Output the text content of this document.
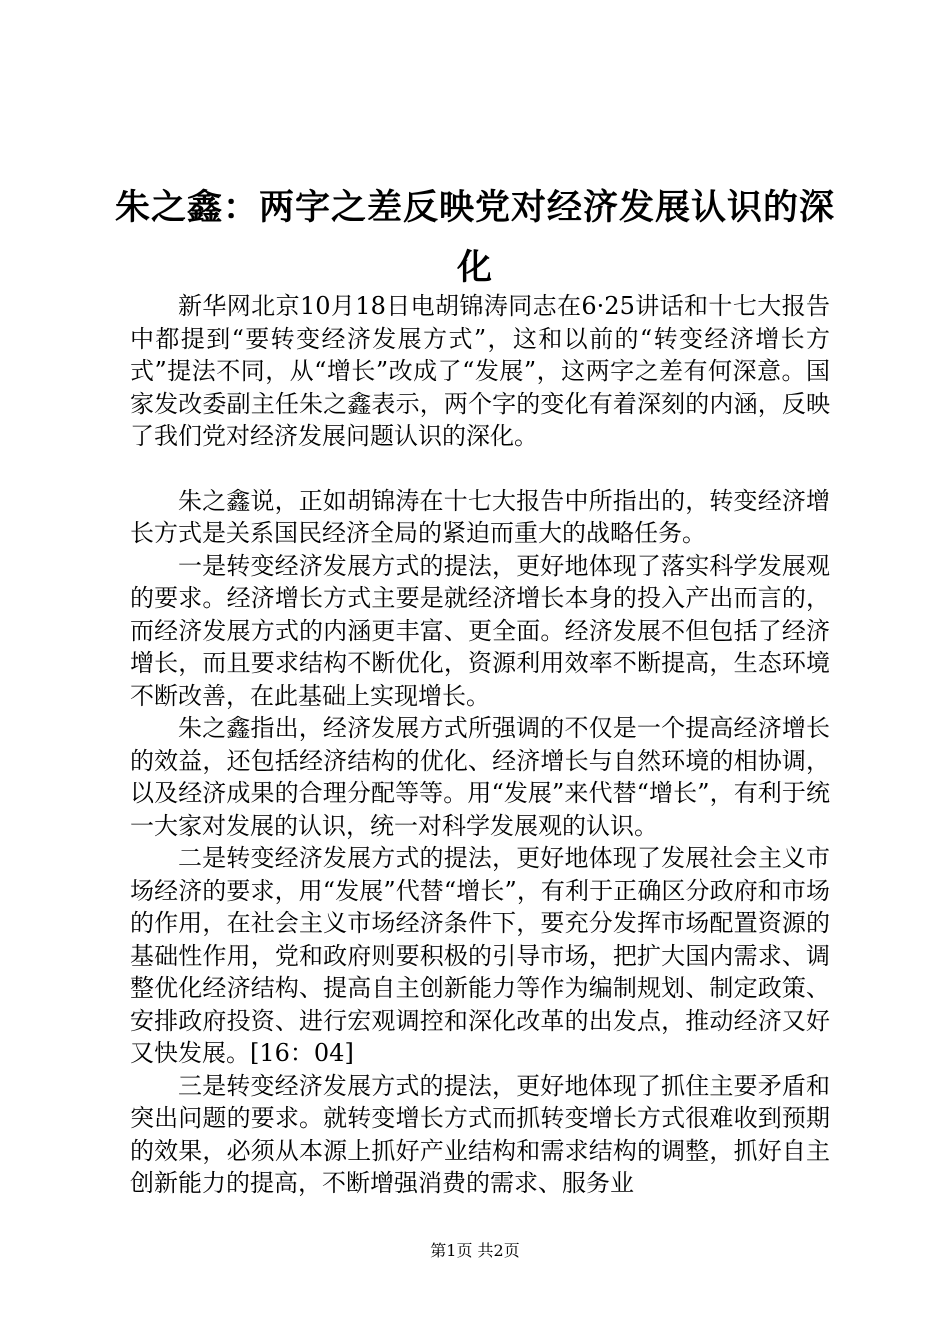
朱之鑫：两字之差反映党对经济发展认识的深化

新华网北京10月18日电胡锦涛同志在6·25讲话和十七大报告中都提到“要转变经济发展方式”，这和以前的“转变经济增长方式”提法不同，从“增长”改成了“发展”，这两字之差有何深意。国家发改委副主任朱之鑫表示，两个字的变化有着深刻的内涵，反映了我们党对经济发展问题认识的深化。

朱之鑫说，正如胡锦涛在十七大报告中所指出的，转变经济增长方式是关系国民经济全局的紧迫而重大的战略任务。

一是转变经济发展方式的提法，更好地体现了落实科学发展观的要求。经济增长方式主要是就经济增长本身的投入产出而言的，而经济发展方式的内涵更丰富、更全面。经济发展不但包括了经济增长，而且要求结构不断优化，资源利用效率不断提高，生态环境不断改善，在此基础上实现增长。

朱之鑫指出，经济发展方式所强调的不仅是一个提高经济增长的效益，还包括经济结构的优化、经济增长与自然环境的相协调，以及经济成果的合理分配等等。用“发展”来代替“增长”，有利于统一大家对发展的认识，统一对科学发展观的认识。

二是转变经济发展方式的提法，更好地体现了发展社会主义市场经济的要求，用“发展”代替“增长”，有利于正确区分政府和市场的作用，在社会主义市场经济条件下，要充分发挥市场配置资源的基础性作用，党和政府则要积极的引导市场，把扩大国内需求、调整优化经济结构、提高自主创新能力等作为编制规划、制定政策、安排政府投资、进行宏观调控和深化改革的出发点，推动经济又好又快发展。[16：04]

三是转变经济发展方式的提法，更好地体现了抓住主要矛盾和突出问题的要求。就转变增长方式而抓转变增长方式很难收到预期的效果，必须从本源上抓好产业结构和需求结构的调整，抓好自主创新能力的提高，不断增强消费的需求、服务业

第1页 共2页
